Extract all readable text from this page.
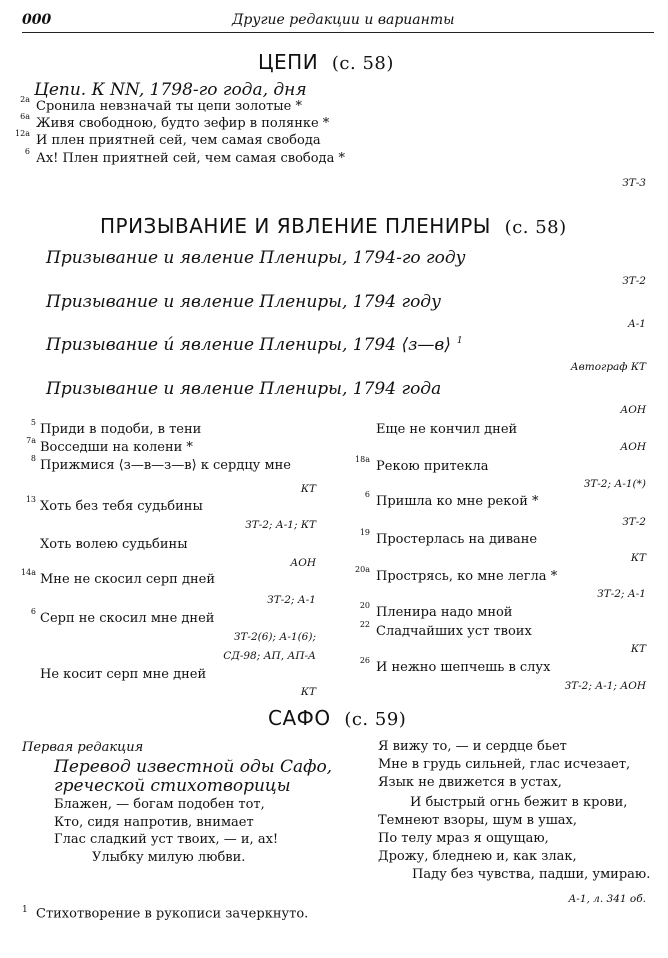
000	Другие редакции и варианты
ЦЕПИ (с. 58)
Цепи. К NN, 1798-го года, дня
2а Сронила невзначай ты цепи золотые *
6а Живя свободною, будто зефир в полянке *
12а И плен приятней сей, чем самая свобода
6 Ах! Плен приятней сей, чем самая свобода *
ЗТ-3
ПРИЗЫВАНИЕ И ЯВЛЕНИЕ ПЛЕНИРЫ (с. 58)
Призывание и явление Плениры, 1794-го году
ЗТ-2
Призывание и явление Плениры, 1794 году
А-1
Призывание и́ явление Плениры, 1794 ⟨з—в⟩ $^1$
Автограф КТ
Призывание и явление Плениры, 1794 года
АОН
5 Приди в подоби, в тени
7а Восседши на колени *
8 Прижмися ⟨з—в—з—в⟩ к сердцу мне
КТ
13 Хоть без тебя судьбины
ЗТ-2; А-1; КТ
Хоть волею судьбины
АОН
14а Мне не скосил серп дней
ЗТ-2; А-1
6 Серп не скосил мне дней
ЗТ-2(6); А-1(6);
СД-98; АП, АП-А
Не косит серп мне дней
КТ
Еще не кончил дней
АОН
18а Рекою притекла
ЗТ-2; А-1(*)
6 Пришла ко мне рекой *
ЗТ-2
19 Простерлась на диване
КТ
20а Прострясь, ко мне легла *
ЗТ-2; А-1
20 Пленира надо мной
22 Сладчайших уст твоих
КТ
26 И нежно шепчешь в слух
ЗТ-2; А-1; АОН
САФО (с. 59)
Первая редакция
Перевод известной оды Сафо,
греческой стихотворицы
Блажен, — богам подобен тот,
Кто, сидя напротив, внимает
Глас сладкий уст твоих, — и, ах!
Улыбку милую любви.
Я вижу то, — и сердце бьет
Мне в грудь сильней, глас исчезает,
Язык не движется в устах,
И быстрый огнь бежит в крови,
Темнеют взоры, шум в ушах,
По телу мраз я ощущаю,
Дрожу, бледнею и, как злак,
Паду без чувства, падши, умираю.
А-1, л. 341 об.
$^1$ Стихотворение в рукописи зачеркнуто.
